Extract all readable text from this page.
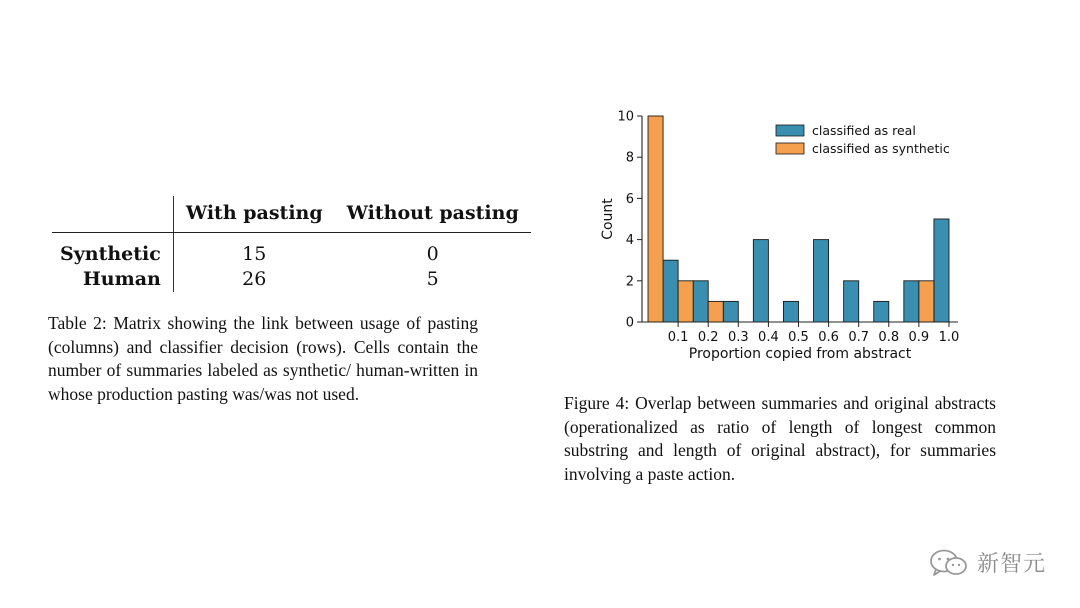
	With pasting	Without pasting
Synthetic	15	0
Human	26	5

Table 2: Matrix showing the link between usage of pasting (columns) and classifier decision (rows). Cells contain the number of summaries labeled as synthetic/ human-written in whose production pasting was/was not used.

0
2
4
6
8
10
0.1 0.2 0.3 0.4 0.5 0.6 0.7 0.8 0.9 1.0
Count
Proportion copied from abstract
classified as real
classified as synthetic

Figure 4: Overlap between summaries and original abstracts (operationalized as ratio of length of longest common substring and length of original abstract), for summaries involving a paste action.

新智元
